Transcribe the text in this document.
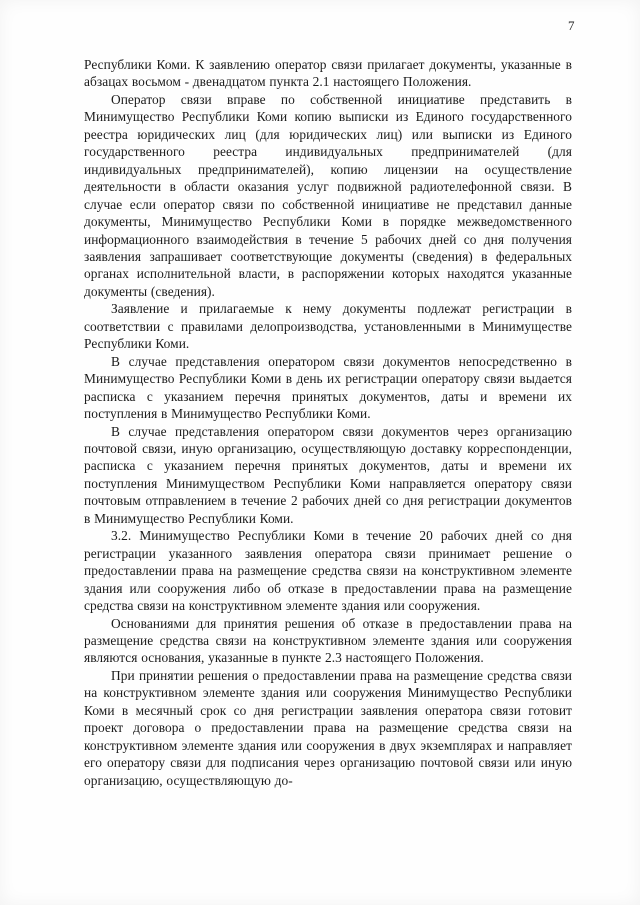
7

Республики Коми. К заявлению оператор связи прилагает документы, указанные в абзацах восьмом - двенадцатом пункта 2.1 настоящего Положения.

Оператор связи вправе по собственной инициативе представить в Минимущество Республики Коми копию выписки из Единого государственного реестра юридических лиц (для юридических лиц) или выписки из Единого государственного реестра индивидуальных предпринимателей (для индивидуальных предпринимателей), копию лицензии на осуществление деятельности в области оказания услуг подвижной радиотелефонной связи. В случае если оператор связи по собственной инициативе не представил данные документы, Минимущество Республики Коми в порядке межведомственного информационного взаимодействия в течение 5 рабочих дней со дня получения заявления запрашивает соответствующие документы (сведения) в федеральных органах исполнительной власти, в распоряжении которых находятся указанные документы (сведения).

Заявление и прилагаемые к нему документы подлежат регистрации в соответствии с правилами делопроизводства, установленными в Минимуществе Республики Коми.

В случае представления оператором связи документов непосредственно в Минимущество Республики Коми в день их регистрации оператору связи выдается расписка с указанием перечня принятых документов, даты и времени их поступления в Минимущество Республики Коми.

В случае представления оператором связи документов через организацию почтовой связи, иную организацию, осуществляющую доставку корреспонденции, расписка с указанием перечня принятых документов, даты и времени их поступления Минимуществом Республики Коми направляется оператору связи почтовым отправлением в течение 2 рабочих дней со дня регистрации документов в Минимущество Республики Коми.

3.2. Минимущество Республики Коми в течение 20 рабочих дней со дня регистрации указанного заявления оператора связи принимает решение о предоставлении права на размещение средства связи на конструктивном элементе здания или сооружения либо об отказе в предоставлении права на размещение средства связи на конструктивном элементе здания или сооружения.

Основаниями для принятия решения об отказе в предоставлении права на размещение средства связи на конструктивном элементе здания или сооружения являются основания, указанные в пункте 2.3 настоящего Положения.

При принятии решения о предоставлении права на размещение средства связи на конструктивном элементе здания или сооружения Минимущество Республики Коми в месячный срок со дня регистрации заявления оператора связи готовит проект договора о предоставлении права на размещение средства связи на конструктивном элементе здания или сооружения в двух экземплярах и направляет его оператору связи для подписания через организацию почтовой связи или иную организацию, осуществляющую до-
